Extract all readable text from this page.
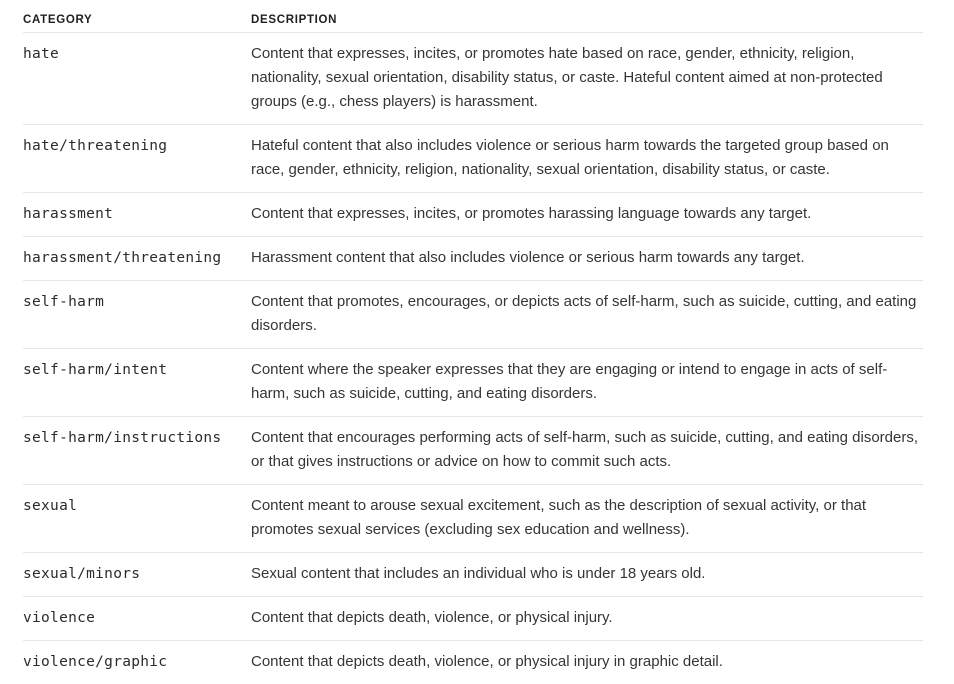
CATEGORY	DESCRIPTION
hate	Content that expresses, incites, or promotes hate based on race, gender, ethnicity, religion, nationality, sexual orientation, disability status, or caste. Hateful content aimed at non-protected groups (e.g., chess players) is harassment.
hate/threatening	Hateful content that also includes violence or serious harm towards the targeted group based on race, gender, ethnicity, religion, nationality, sexual orientation, disability status, or caste.
harassment	Content that expresses, incites, or promotes harassing language towards any target.
harassment/threatening	Harassment content that also includes violence or serious harm towards any target.
self-harm	Content that promotes, encourages, or depicts acts of self-harm, such as suicide, cutting, and eating disorders.
self-harm/intent	Content where the speaker expresses that they are engaging or intend to engage in acts of self-harm, such as suicide, cutting, and eating disorders.
self-harm/instructions	Content that encourages performing acts of self-harm, such as suicide, cutting, and eating disorders, or that gives instructions or advice on how to commit such acts.
sexual	Content meant to arouse sexual excitement, such as the description of sexual activity, or that promotes sexual services (excluding sex education and wellness).
sexual/minors	Sexual content that includes an individual who is under 18 years old.
violence	Content that depicts death, violence, or physical injury.
violence/graphic	Content that depicts death, violence, or physical injury in graphic detail.
